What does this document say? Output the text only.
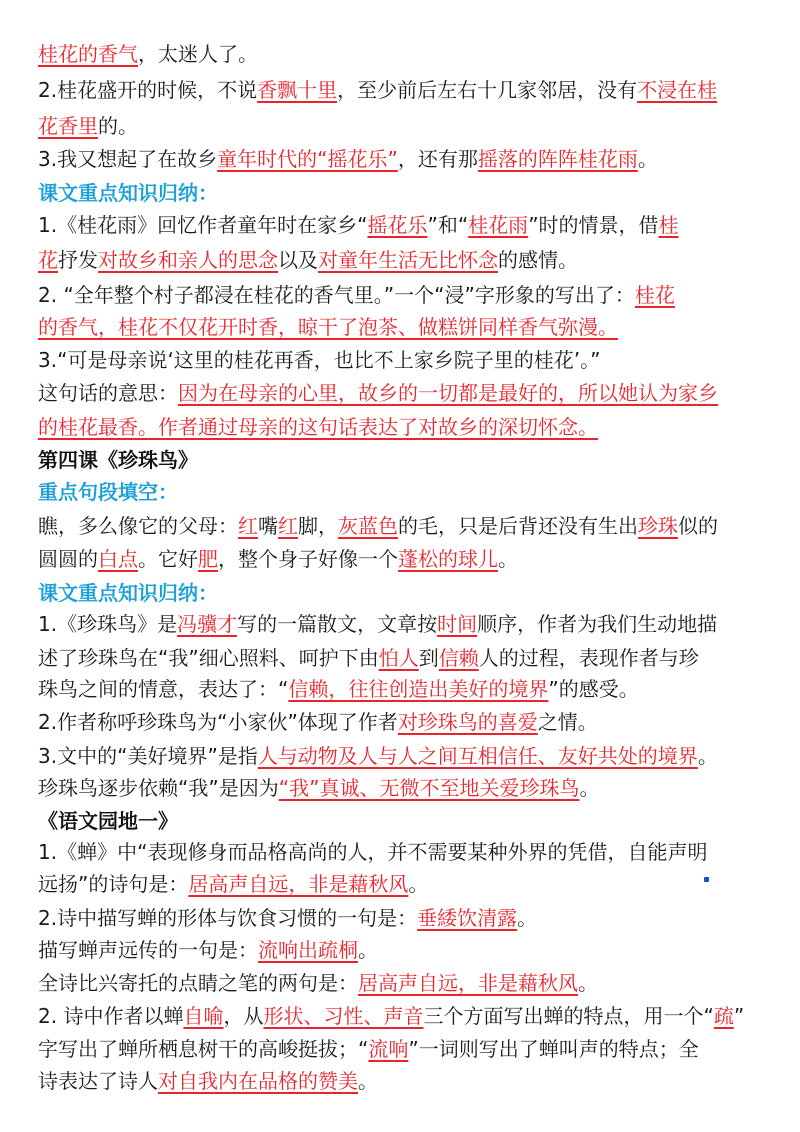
桂花的香气，太迷人了。
2.桂花盛开的时候，不说香飘十里，至少前后左右十几家邻居，没有不浸在桂
花香里的。
3.我又想起了在故乡童年时代的“摇花乐”，还有那摇落的阵阵桂花雨。
课文重点知识归纳：
1.《桂花雨》回忆作者童年时在家乡“摇花乐”和“桂花雨”时的情景，借桂
花抒发对故乡和亲人的思念以及对童年生活无比怀念的感情。
2. “全年整个村子都浸在桂花的香气里。”一个“浸”字形象的写出了：桂花
的香气，桂花不仅花开时香，晾干了泡茶、做糕饼同样香气弥漫。
3.“可是母亲说‘这里的桂花再香，也比不上家乡院子里的桂花’。”
这句话的意思：因为在母亲的心里，故乡的一切都是最好的，所以她认为家乡
的桂花最香。作者通过母亲的这句话表达了对故乡的深切怀念。
第四课《珍珠鸟》
重点句段填空：
瞧，多么像它的父母：红嘴红脚，灰蓝色的毛，只是后背还没有生出珍珠似的
圆圆的白点。它好肥，整个身子好像一个蓬松的球儿。
课文重点知识归纳：
1.《珍珠鸟》是冯骥才写的一篇散文，文章按时间顺序，作者为我们生动地描
述了珍珠鸟在“我”细心照料、呵护下由怕人到信赖人的过程，表现作者与珍
珠鸟之间的情意，表达了：“信赖，往往创造出美好的境界”的感受。
2.作者称呼珍珠鸟为“小家伙”体现了作者对珍珠鸟的喜爱之情。
3.文中的“美好境界”是指人与动物及人与人之间互相信任、友好共处的境界。
珍珠鸟逐步依赖“我”是因为“我”真诚、无微不至地关爱珍珠鸟。
《语文园地一》
1.《蝉》中“表现修身而品格高尚的人，并不需要某种外界的凭借，自能声明
远扬”的诗句是：居高声自远，非是藉秋风。
2.诗中描写蝉的形体与饮食习惯的一句是：垂緌饮清露。
描写蝉声远传的一句是：流响出疏桐。
全诗比兴寄托的点睛之笔的两句是：居高声自远，非是藉秋风。
2. 诗中作者以蝉自喻，从形状、习性、声音三个方面写出蝉的特点，用一个“疏”
字写出了蝉所栖息树干的高峻挺拔；“流响”一词则写出了蝉叫声的特点；全
诗表达了诗人对自我内在品格的赞美。
